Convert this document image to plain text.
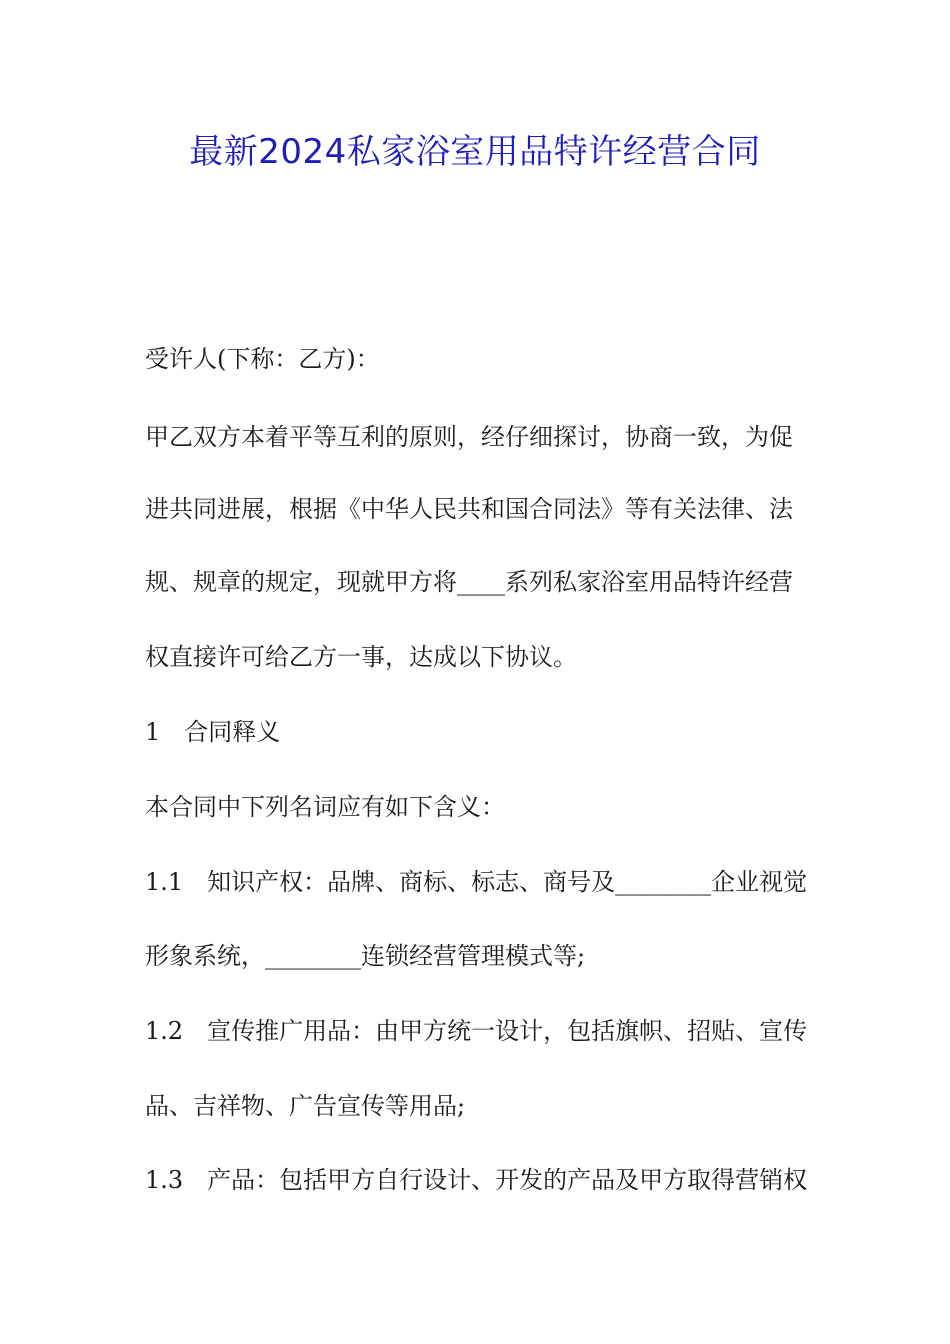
最新2024私家浴室用品特许经营合同
受许人(下称：乙方)：
甲乙双方本着平等互利的原则，经仔细探讨，协商一致，为促
进共同进展，根据《中华人民共和国合同法》等有关法律、法
规、规章的规定，现就甲方将____系列私家浴室用品特许经营
权直接许可给乙方一事，达成以下协议。
1　合同释义
本合同中下列名词应有如下含义：
1.1　知识产权：品牌、商标、标志、商号及________企业视觉
形象系统，________连锁经营管理模式等;
1.2　宣传推广用品：由甲方统一设计，包括旗帜、招贴、宣传
品、吉祥物、广告宣传等用品;
1.3　产品：包括甲方自行设计、开发的产品及甲方取得营销权
